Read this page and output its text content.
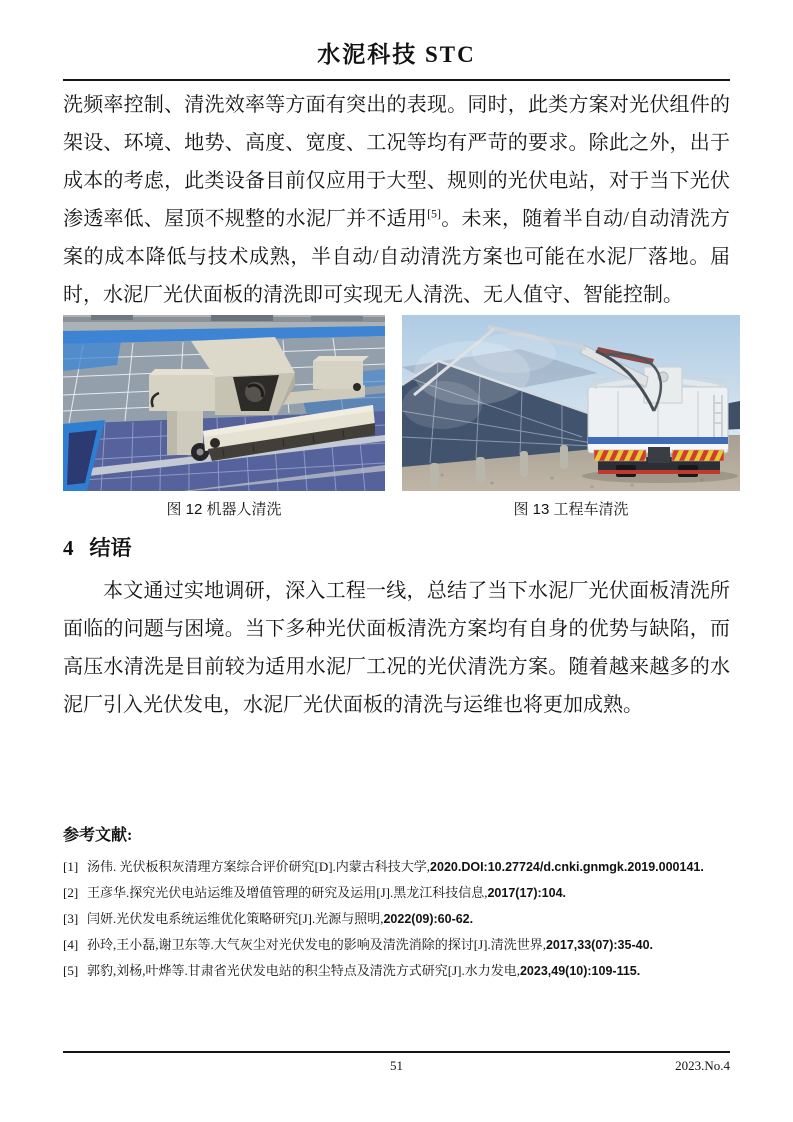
水泥科技 STC

洗频率控制、清洗效率等方面有突出的表现。同时，此类方案对光伏组件的架设、环境、地势、高度、宽度、工况等均有严苛的要求。除此之外，出于成本的考虑，此类设备目前仅应用于大型、规则的光伏电站，对于当下光伏渗透率低、屋顶不规整的水泥厂并不适用[5]。未来，随着半自动/自动清洗方案的成本降低与技术成熟，半自动/自动清洗方案也可能在水泥厂落地。届时，水泥厂光伏面板的清洗即可实现无人清洗、无人值守、智能控制。

图 12 机器人清洗	图 13 工程车清洗
4 结语

本文通过实地调研，深入工程一线，总结了当下水泥厂光伏面板清洗所面临的问题与困境。当下多种光伏面板清洗方案均有自身的优势与缺陷，而高压水清洗是目前较为适用水泥厂工况的光伏清洗方案。随着越来越多的水泥厂引入光伏发电，水泥厂光伏面板的清洗与运维也将更加成熟。

参考文献:
[1] 汤伟. 光伏板积灰清理方案综合评价研究[D].内蒙古科技大学,2020.DOI:10.27724/d.cnki.gnmgk.2019.000141.
[2] 王彦华.探究光伏电站运维及增值管理的研究及运用[J].黑龙江科技信息,2017(17):104.
[3] 闫妍.光伏发电系统运维优化策略研究[J].光源与照明,2022(09):60-62.
[4] 孙玲,王小磊,谢卫东等.大气灰尘对光伏发电的影响及清洗消除的探讨[J].清洗世界,2017,33(07):35-40.
[5] 郭豹,刘杨,叶烨等.甘肃省光伏发电站的积尘特点及清洗方式研究[J].水力发电,2023,49(10):109-115.
51	2023.No.4
